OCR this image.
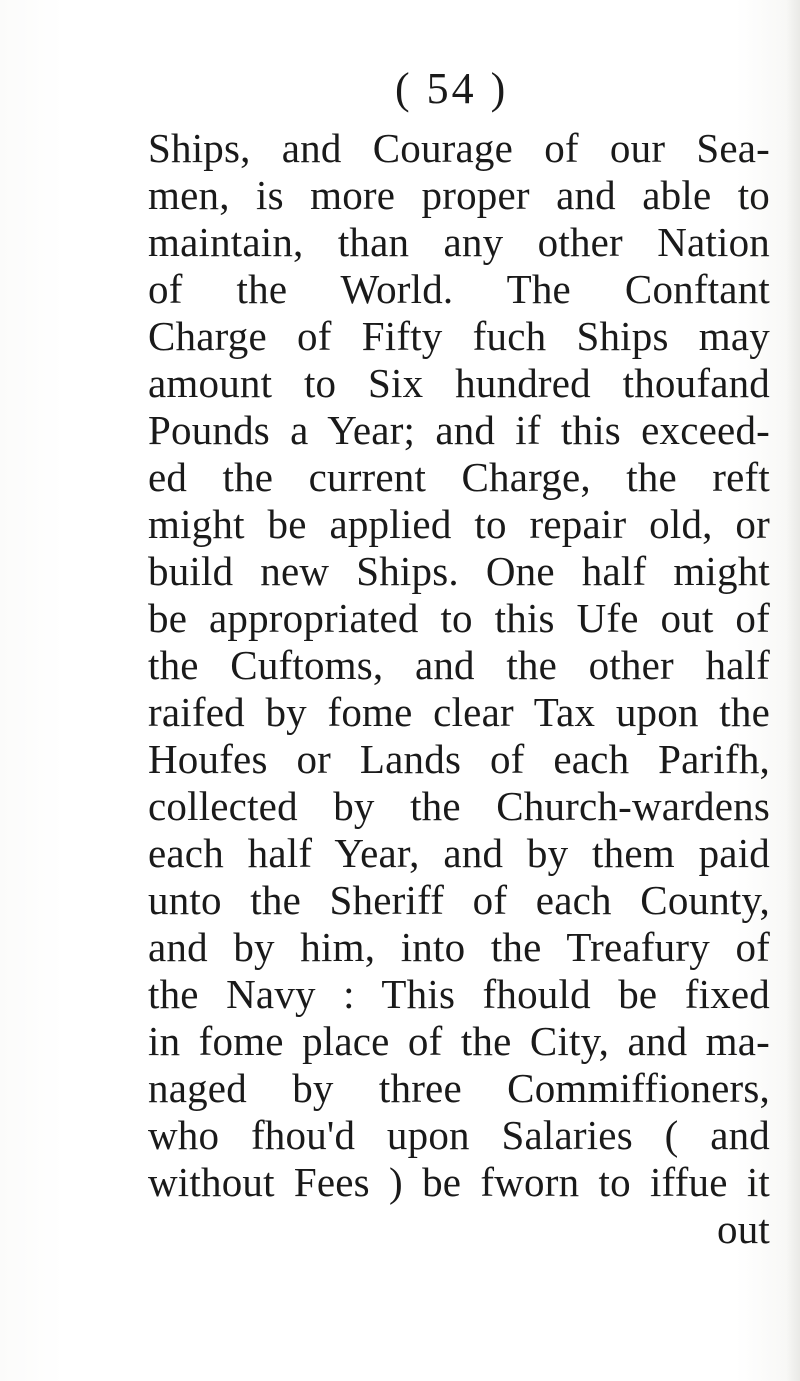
( 54 )
Ships, and Courage of our Sea-
men, is more proper and able to
maintain, than any other Nation
of the World. The Conftant
Charge of Fifty fuch Ships may
amount to Six hundred thoufand
Pounds a Year; and if this exceed-
ed the current Charge, the reft
might be applied to repair old, or
build new Ships. One half might
be appropriated to this Ufe out of
the Cuftoms, and the other half
raifed by fome clear Tax upon the
Houfes or Lands of each Parifh,
collected by the Church-wardens
each half Year, and by them paid
unto the Sheriff of each County,
and by him, into the Treafury of
the Navy : This fhould be fixed
in fome place of the City, and ma-
naged by three Commiffioners,
who fhou'd upon Salaries ( and
without Fees ) be fworn to iffue it
out
